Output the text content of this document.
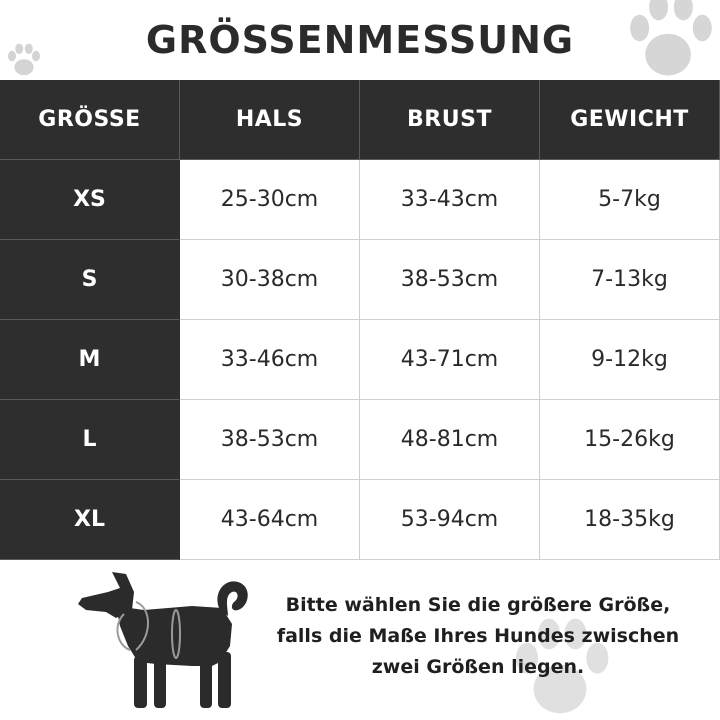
GRÖSSENMESSUNG
GRÖSSE	HALS	BRUST	GEWICHT
XS	25-30cm	33-43cm	5-7kg
S	30-38cm	38-53cm	7-13kg
M	33-46cm	43-71cm	9-12kg
L	38-53cm	48-81cm	15-26kg
XL	43-64cm	53-94cm	18-35kg
Bitte wählen Sie die größere Größe,
falls die Maße Ihres Hundes zwischen
zwei Größen liegen.
